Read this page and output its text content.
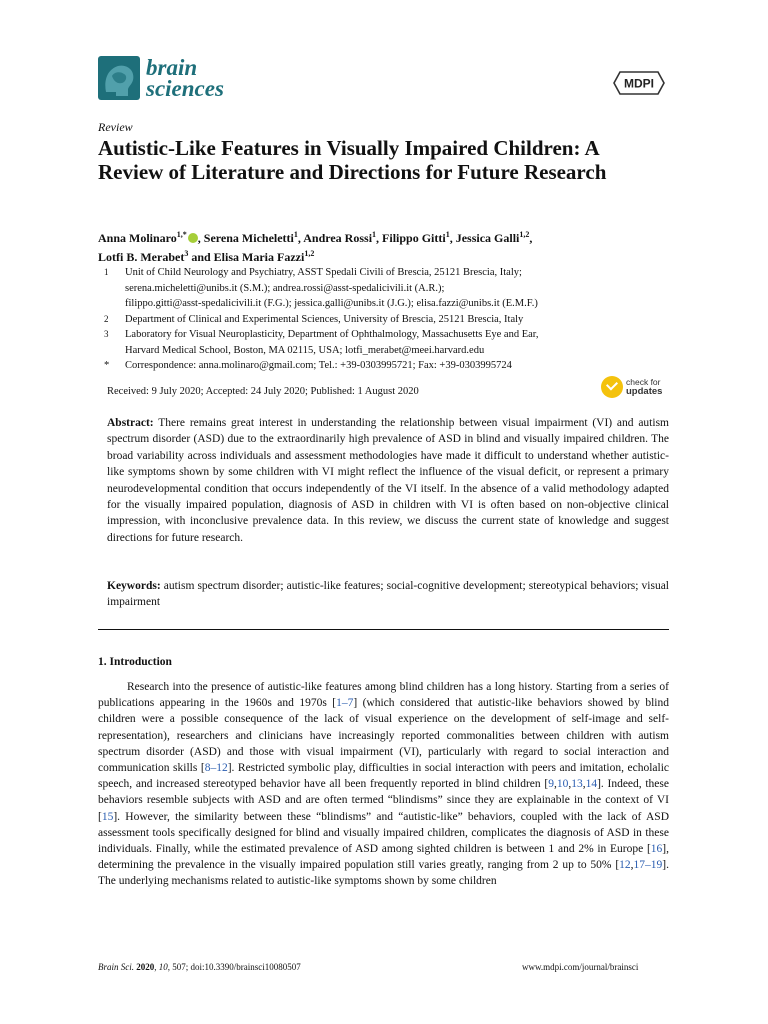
brain
sciences	MDPI
Review
Autistic-Like Features in Visually Impaired Children: A Review of Literature and Directions for Future Research
Anna Molinaro$^{1,*}$ , Serena Micheletti$^1$, Andrea Rossi$^1$, Filippo Gitti$^1$, Jessica Galli$^{1,2}$,
Lotfi B. Merabet$^3$ and Elisa Maria Fazzi$^{1,2}$
1	Unit of Child Neurology and Psychiatry, ASST Spedali Civili of Brescia, 25121 Brescia, Italy;
serena.micheletti@unibs.it (S.M.); andrea.rossi@asst-spedalicivili.it (A.R.);
filippo.gitti@asst-spedalicivili.it (F.G.); jessica.galli@unibs.it (J.G.); elisa.fazzi@unibs.it (E.M.F.)
2	Department of Clinical and Experimental Sciences, University of Brescia, 25121 Brescia, Italy
3	Laboratory for Visual Neuroplasticity, Department of Ophthalmology, Massachusetts Eye and Ear,
Harvard Medical School, Boston, MA 02115, USA; lotfi_merabet@meei.harvard.edu
*	Correspondence: anna.molinaro@gmail.com; Tel.: +39-0303995721; Fax: +39-0303995724
Received: 9 July 2020; Accepted: 24 July 2020; Published: 1 August 2020
check for
updates

Abstract: There remains great interest in understanding the relationship between visual impairment (VI) and autism spectrum disorder (ASD) due to the extraordinarily high prevalence of ASD in blind and visually impaired children. The broad variability across individuals and assessment methodologies have made it difficult to understand whether autistic-like symptoms shown by some children with VI might reflect the influence of the visual deficit, or represent a primary neurodevelopmental condition that occurs independently of the VI itself. In the absence of a valid methodology adapted for the visually impaired population, diagnosis of ASD in children with VI is often based on non-objective clinical impression, with inconclusive prevalence data. In this review, we discuss the current state of knowledge and suggest directions for future research.

Keywords: autism spectrum disorder; autistic-like features; social-cognitive development; stereotypical behaviors; visual impairment

1. Introduction

Research into the presence of autistic-like features among blind children has a long history. Starting from a series of publications appearing in the 1960s and 1970s [1–7] (which considered that autistic-like behaviors showed by blind children were a possible consequence of the lack of visual experience on the development of self-image and self-representation), researchers and clinicians have increasingly reported commonalities between children with autism spectrum disorder (ASD) and those with visual impairment (VI), particularly with regard to social interaction and communication skills [8–12]. Restricted symbolic play, difficulties in social interaction with peers and imitation, echolalic speech, and increased stereotyped behavior have all been frequently reported in blind children [9,10,13,14]. Indeed, these behaviors resemble subjects with ASD and are often termed “blindisms” since they are explainable in the context of VI [15]. However, the similarity between these “blindisms” and “autistic-like” behaviors, coupled with the lack of ASD assessment tools specifically designed for blind and visually impaired children, complicates the diagnosis of ASD in these individuals. Finally, while the estimated prevalence of ASD among sighted children is between 1 and 2% in Europe [16], determining the prevalence in the visually impaired population still varies greatly, ranging from 2 up to 50% [12,17–19]. The underlying mechanisms related to autistic-like symptoms shown by some children

Brain Sci. 2020, 10, 507; doi:10.3390/brainsci10080507	www.mdpi.com/journal/brainsci
